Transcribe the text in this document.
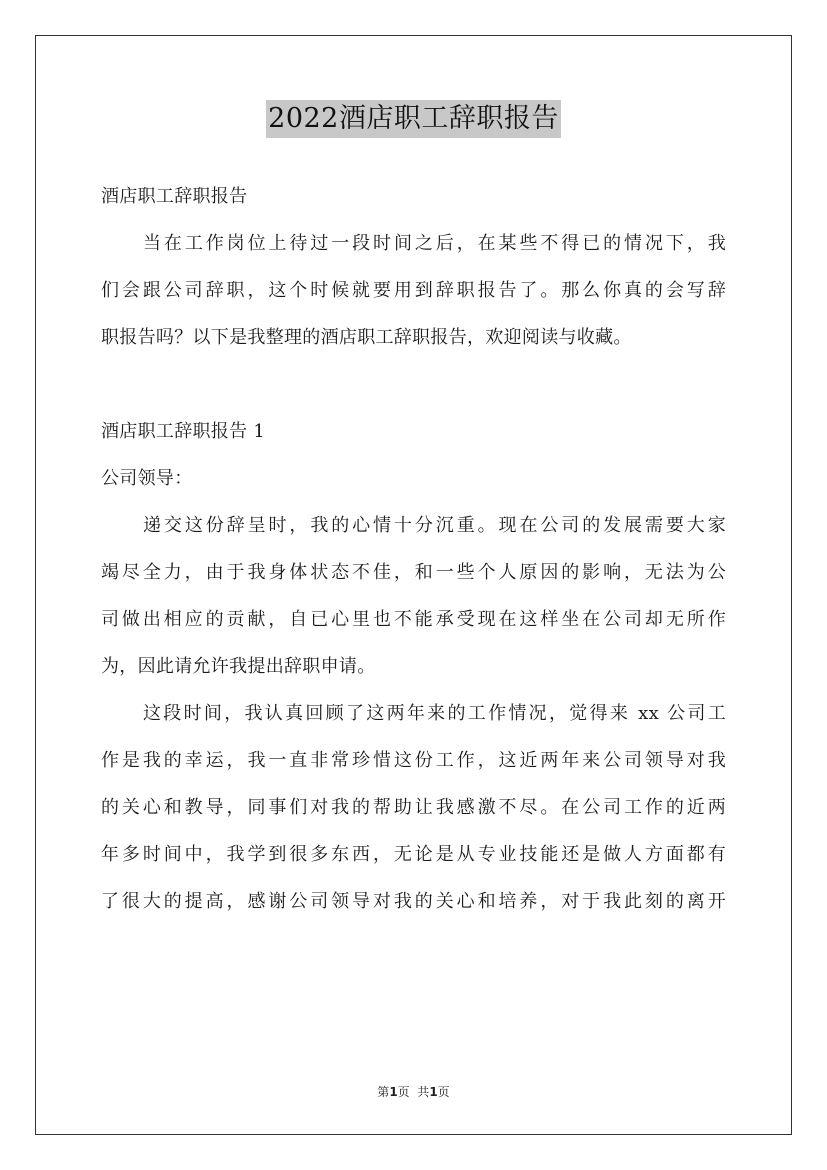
2022酒店职工辞职报告
酒店职工辞职报告
当在工作岗位上待过一段时间之后，在某些不得已的情况下，我
们会跟公司辞职，这个时候就要用到辞职报告了。那么你真的会写辞
职报告吗？以下是我整理的酒店职工辞职报告，欢迎阅读与收藏。
酒店职工辞职报告 1
公司领导：
递交这份辞呈时，我的心情十分沉重。现在公司的发展需要大家
竭尽全力，由于我身体状态不佳，和一些个人原因的影响，无法为公
司做出相应的贡献，自已心里也不能承受现在这样坐在公司却无所作
为，因此请允许我提出辞职申请。
这段时间，我认真回顾了这两年来的工作情况，觉得来 xx 公司工
作是我的幸运，我一直非常珍惜这份工作，这近两年来公司领导对我
的关心和教导，同事们对我的帮助让我感激不尽。在公司工作的近两
年多时间中，我学到很多东西，无论是从专业技能还是做人方面都有
了很大的提高，感谢公司领导对我的关心和培养，对于我此刻的离开
第1页  共1页
